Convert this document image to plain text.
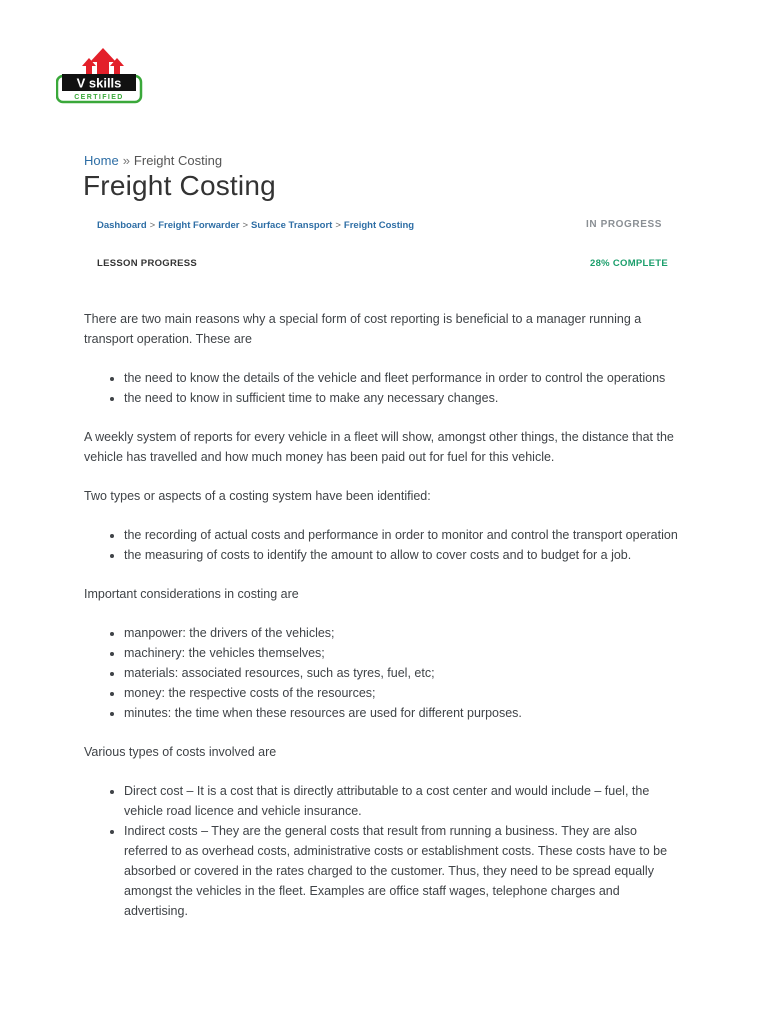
V skills
CERTIFIED
Home » Freight Costing
Freight Costing
Dashboard > Freight Forwarder > Surface Transport > Freight Costing	IN PROGRESS
LESSON PROGRESS	28% COMPLETE

There are two main reasons why a special form of cost reporting is beneficial to a manager running a transport operation. These are

• the need to know the details of the vehicle and fleet performance in order to control the operations
• the need to know in sufficient time to make any necessary changes.

A weekly system of reports for every vehicle in a fleet will show, amongst other things, the distance that the vehicle has travelled and how much money has been paid out for fuel for this vehicle.

Two types or aspects of a costing system have been identified:

• the recording of actual costs and performance in order to monitor and control the transport operation
• the measuring of costs to identify the amount to allow to cover costs and to budget for a job.

Important considerations in costing are

• manpower: the drivers of the vehicles;
• machinery: the vehicles themselves;
• materials: associated resources, such as tyres, fuel, etc;
• money: the respective costs of the resources;
• minutes: the time when these resources are used for different purposes.

Various types of costs involved are

• Direct cost – It is a cost that is directly attributable to a cost center and would include – fuel, the vehicle road licence and vehicle insurance.
• Indirect costs – They are the general costs that result from running a business. They are also referred to as overhead costs, administrative costs or establishment costs. These costs have to be absorbed or covered in the rates charged to the customer. Thus, they need to be spread equally amongst the vehicles in the fleet. Examples are office staff wages, telephone charges and advertising.
